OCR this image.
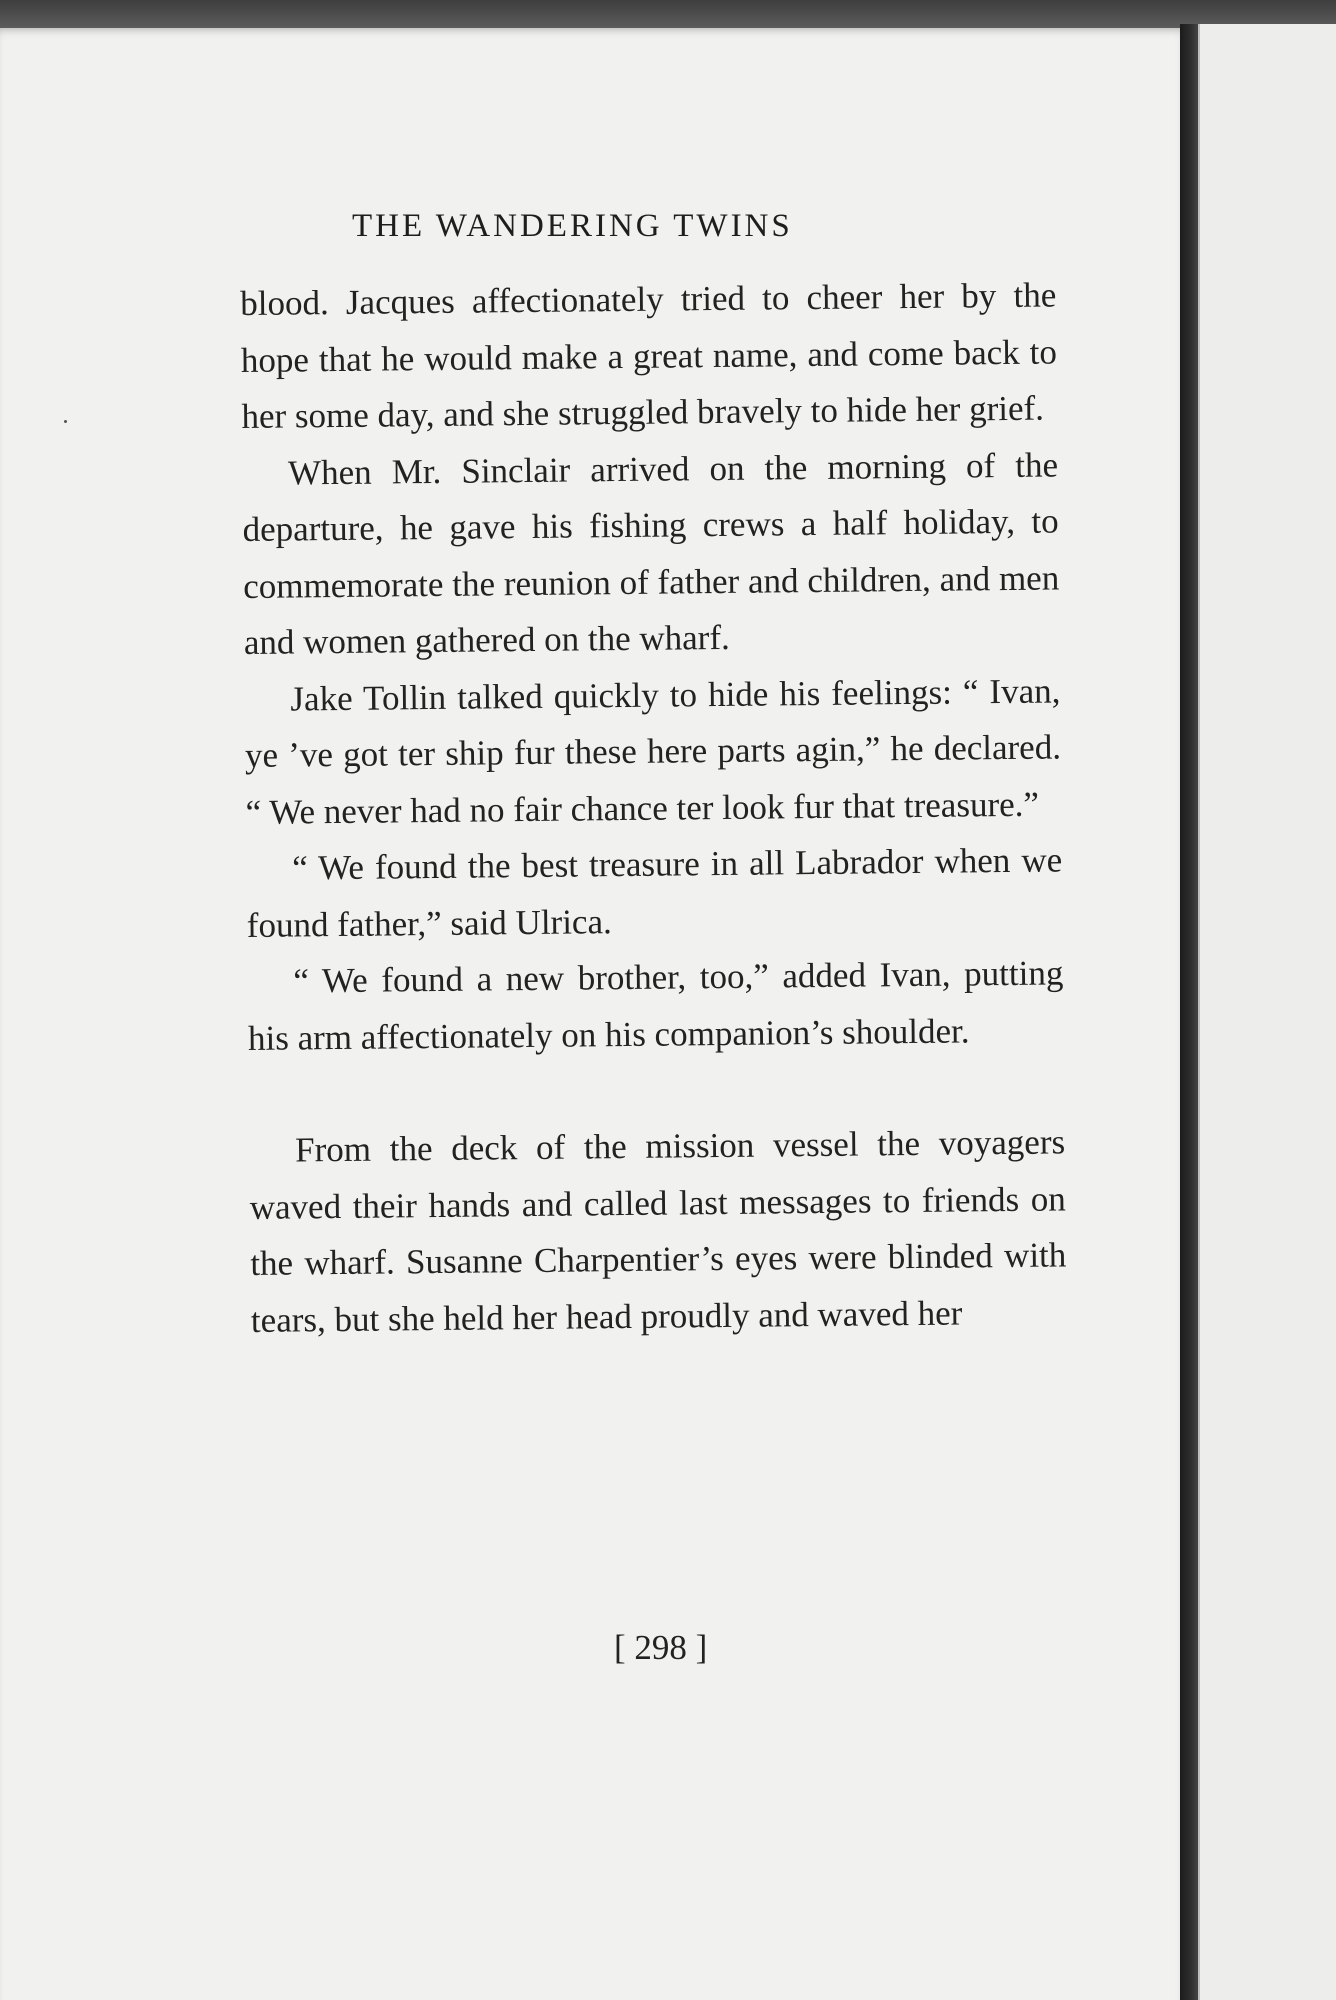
THE WANDERING TWINS

blood. Jacques affectionately tried to cheer her by the hope that he would make a great name, and come back to her some day, and she struggled bravely to hide her grief.

When Mr. Sinclair arrived on the morning of the departure, he gave his fishing crews a half holiday, to commemorate the reunion of father and children, and men and women gathered on the wharf.

Jake Tollin talked quickly to hide his feelings: “ Ivan, ye ’ve got ter ship fur these here parts agin,” he declared. “ We never had no fair chance ter look fur that treasure.”

“ We found the best treasure in all Labrador when we found father,” said Ulrica.

“ We found a new brother, too,” added Ivan, putting his arm affectionately on his companion’s shoulder.

From the deck of the mission vessel the voyagers waved their hands and called last messages to friends on the wharf. Susanne Charpentier’s eyes were blinded with tears, but she held her head proudly and waved her

[ 298 ]
